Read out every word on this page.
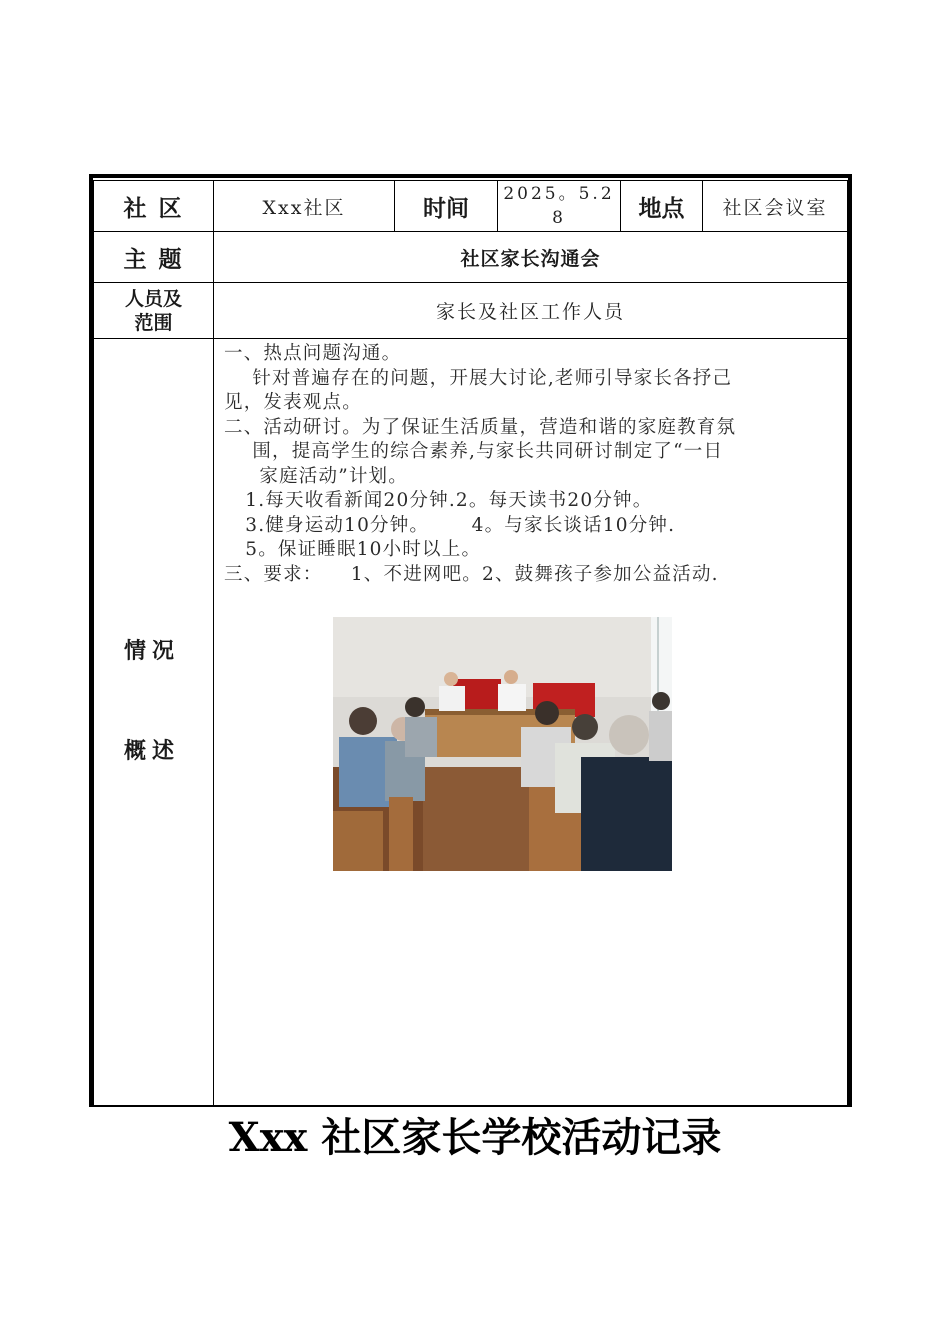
社 区	Xxx社区	时间
2025。5.2
8	地点	社区会议室
主 题	社区家长沟通会
人员及
范围	家长及社区工作人员
情况
概述
一、热点问题沟通。
针对普遍存在的问题，开展大讨论,老师引导家长各抒己
见，发表观点。
二、活动研讨。为了保证生活质量，营造和谐的家庭教育氛
围，提高学生的综合素养,与家长共同研讨制定了“一日
家庭活动”计划。
1.每天收看新闻20分钟.2。每天读书20分钟。
3.健身运动10分钟。      4。与家长谈话10分钟.
5。保证睡眠10小时以上。
三、要求：    1、不进网吧。2、鼓舞孩子参加公益活动.
Xxx 社区家长学校活动记录
